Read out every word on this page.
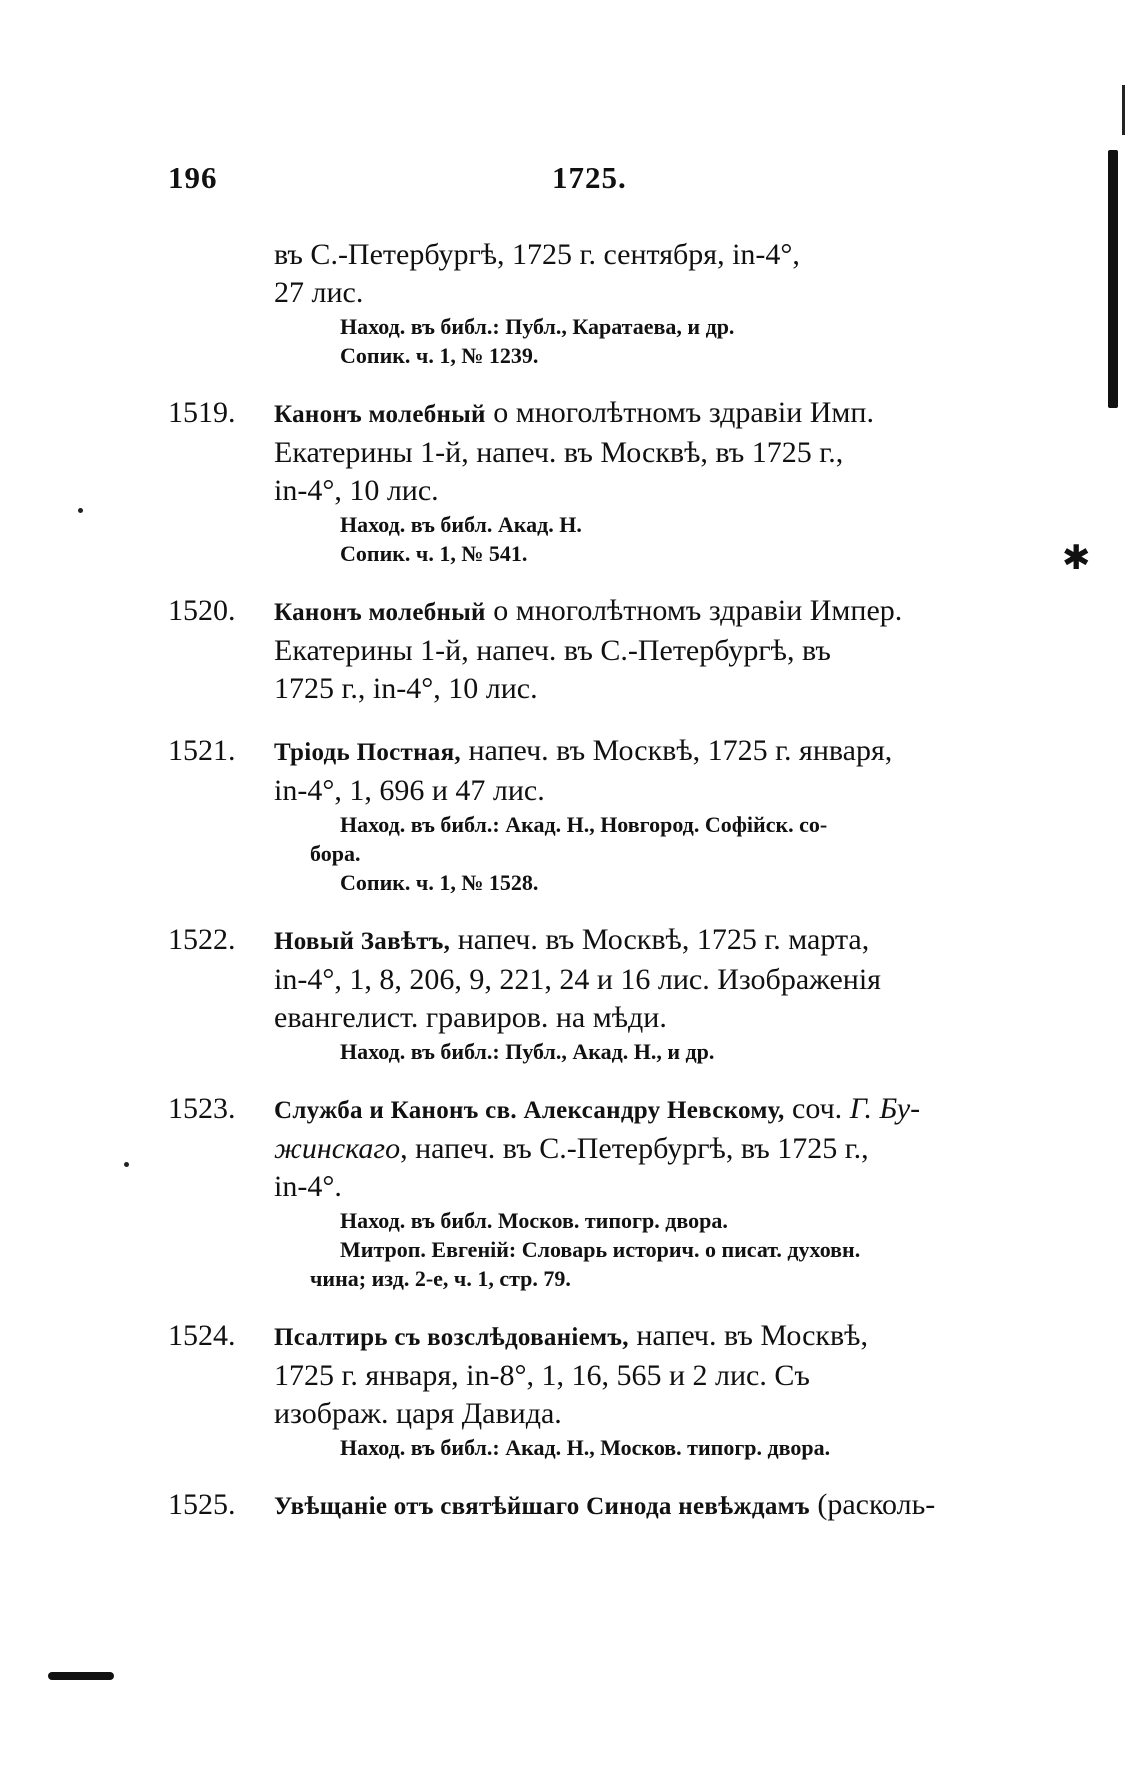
196	1725.
✱
въ С.-Петербургѣ, 1725 г. сентября, in-4°,
27 лис.
Наход. въ библ.: Публ., Каратаева, и др.
Сопик. ч. 1, № 1239.
1519. Канонъ молебный о многолѣтномъ здравіи Имп.
Екатерины 1-й, напеч. въ Москвѣ, въ 1725 г.,
in-4°, 10 лис.
Наход. въ библ. Акад. Н.
Сопик. ч. 1, № 541.
1520. Канонъ молебный о многолѣтномъ здравіи Импер.
Екатерины 1-й, напеч. въ С.-Петербургѣ, въ
1725 г., in-4°, 10 лис.
1521. Тріодь Постная, напеч. въ Москвѣ, 1725 г. января,
in-4°, 1, 696 и 47 лис.
Наход. въ библ.: Акад. Н., Новгород. Софійск. со-
бора.
Сопик. ч. 1, № 1528.
1522. Новый Завѣтъ, напеч. въ Москвѣ, 1725 г. марта,
in-4°, 1, 8, 206, 9, 221, 24 и 16 лис. Изображенія
евангелист. гравиров. на мѣди.
Наход. въ библ.: Публ., Акад. Н., и др.
1523. Служба и Канонъ св. Александру Невскому, соч. Г. Бу-
жинскаго, напеч. въ С.-Петербургѣ, въ 1725 г.,
in-4°.
Наход. въ библ. Москов. типогр. двора.
Митроп. Евгеній: Словарь историч. о писат. духовн.
чина; изд. 2-е, ч. 1, стр. 79.
1524. Псалтирь съ возслѣдованіемъ, напеч. въ Москвѣ,
1725 г. января, in-8°, 1, 16, 565 и 2 лис. Съ
изображ. царя Давида.
Наход. въ библ.: Акад. Н., Москов. типогр. двора.
1525. Увѣщаніе отъ святѣйшаго Синода невѣждамъ (расколь-
